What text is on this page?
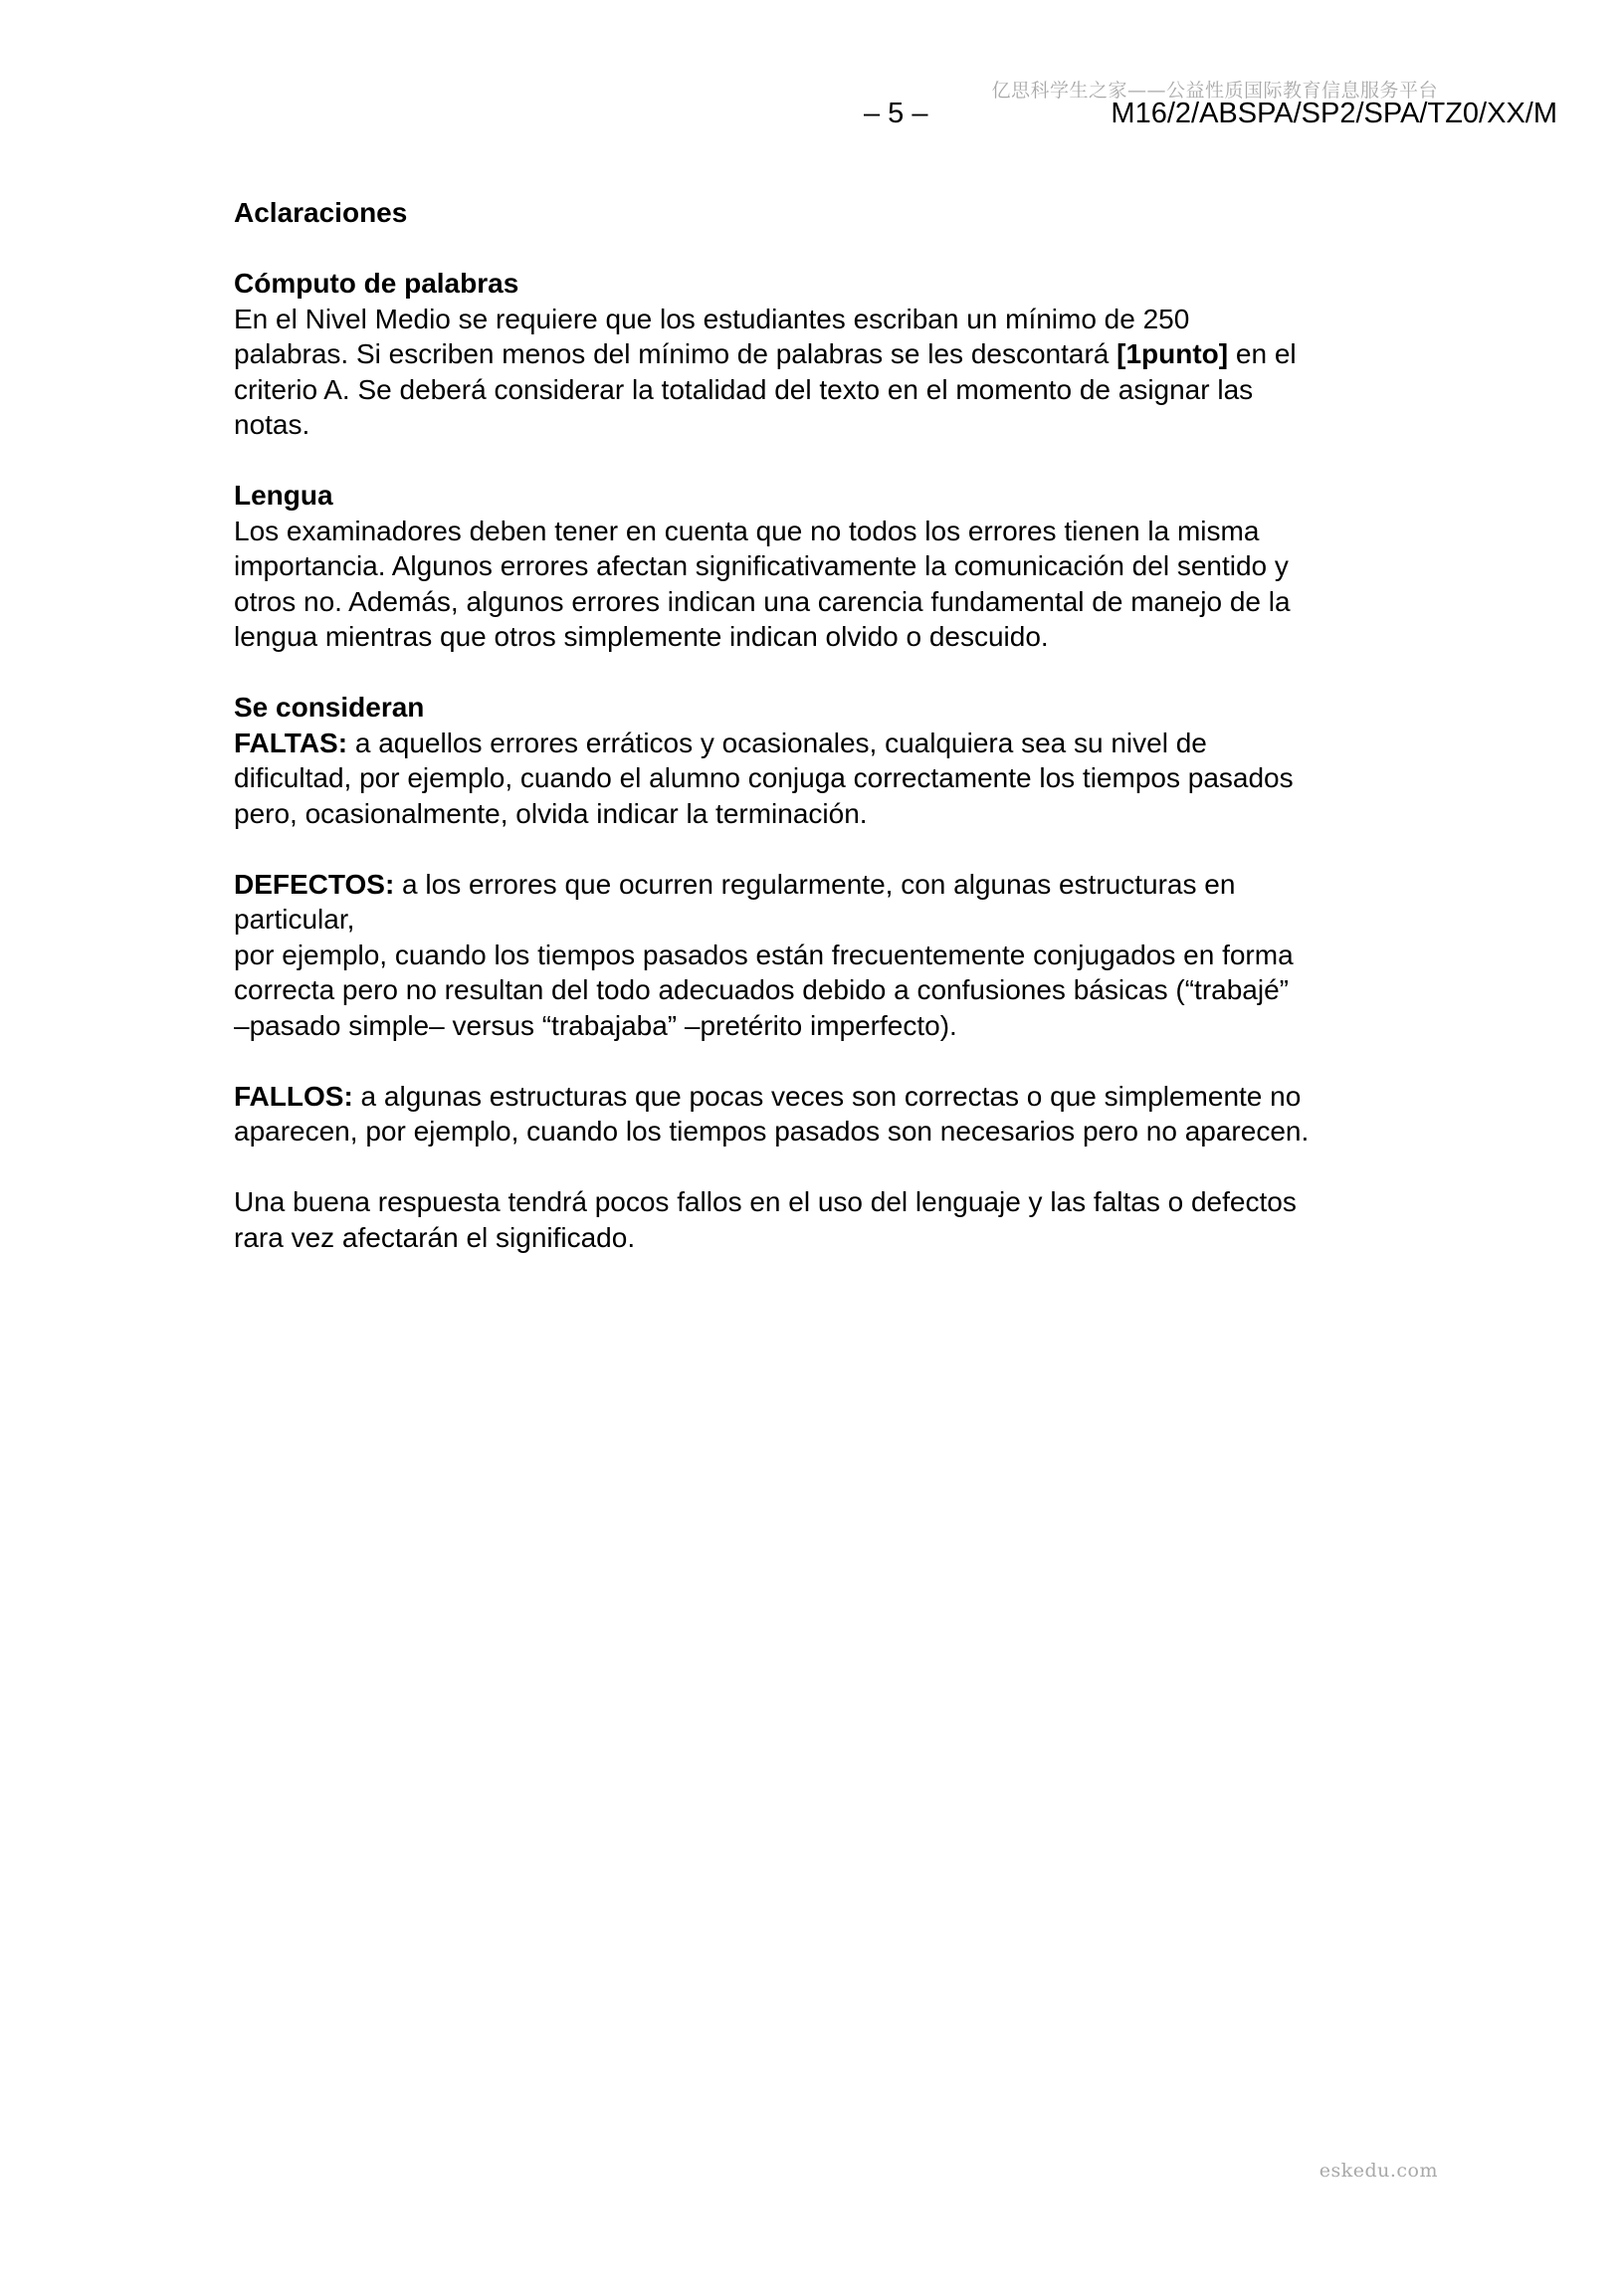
亿思科学生之家——公益性质国际教育信息服务平台
– 5 –	M16/2/ABSPA/SP2/SPA/TZ0/XX/M

Aclaraciones

Cómputo de palabras

En el Nivel Medio se requiere que los estudiantes escriban un mínimo de 250

palabras. Si escriben menos del mínimo de palabras se les descontará [1punto] en el

criterio A. Se deberá considerar la totalidad del texto en el momento de asignar las

notas.

Lengua

Los examinadores deben tener en cuenta que no todos los errores tienen la misma

importancia. Algunos errores afectan significativamente la comunicación del sentido y

otros no. Además, algunos errores indican una carencia fundamental de manejo de la

lengua mientras que otros simplemente indican olvido o descuido.

Se consideran

FALTAS: a aquellos errores erráticos y ocasionales, cualquiera sea su nivel de

dificultad, por ejemplo, cuando el alumno conjuga correctamente los tiempos pasados

pero, ocasionalmente, olvida indicar la terminación.

DEFECTOS: a los errores que ocurren regularmente, con algunas estructuras en

particular,

por ejemplo, cuando los tiempos pasados están frecuentemente conjugados en forma

correcta pero no resultan del todo adecuados debido a confusiones básicas (“trabajé”

–pasado simple– versus “trabajaba” –pretérito imperfecto).

FALLOS: a algunas estructuras que pocas veces son correctas o que simplemente no

aparecen, por ejemplo, cuando los tiempos pasados son necesarios pero no aparecen.

Una buena respuesta tendrá pocos fallos en el uso del lenguaje y las faltas o defectos

rara vez afectarán el significado.

eskedu.com
